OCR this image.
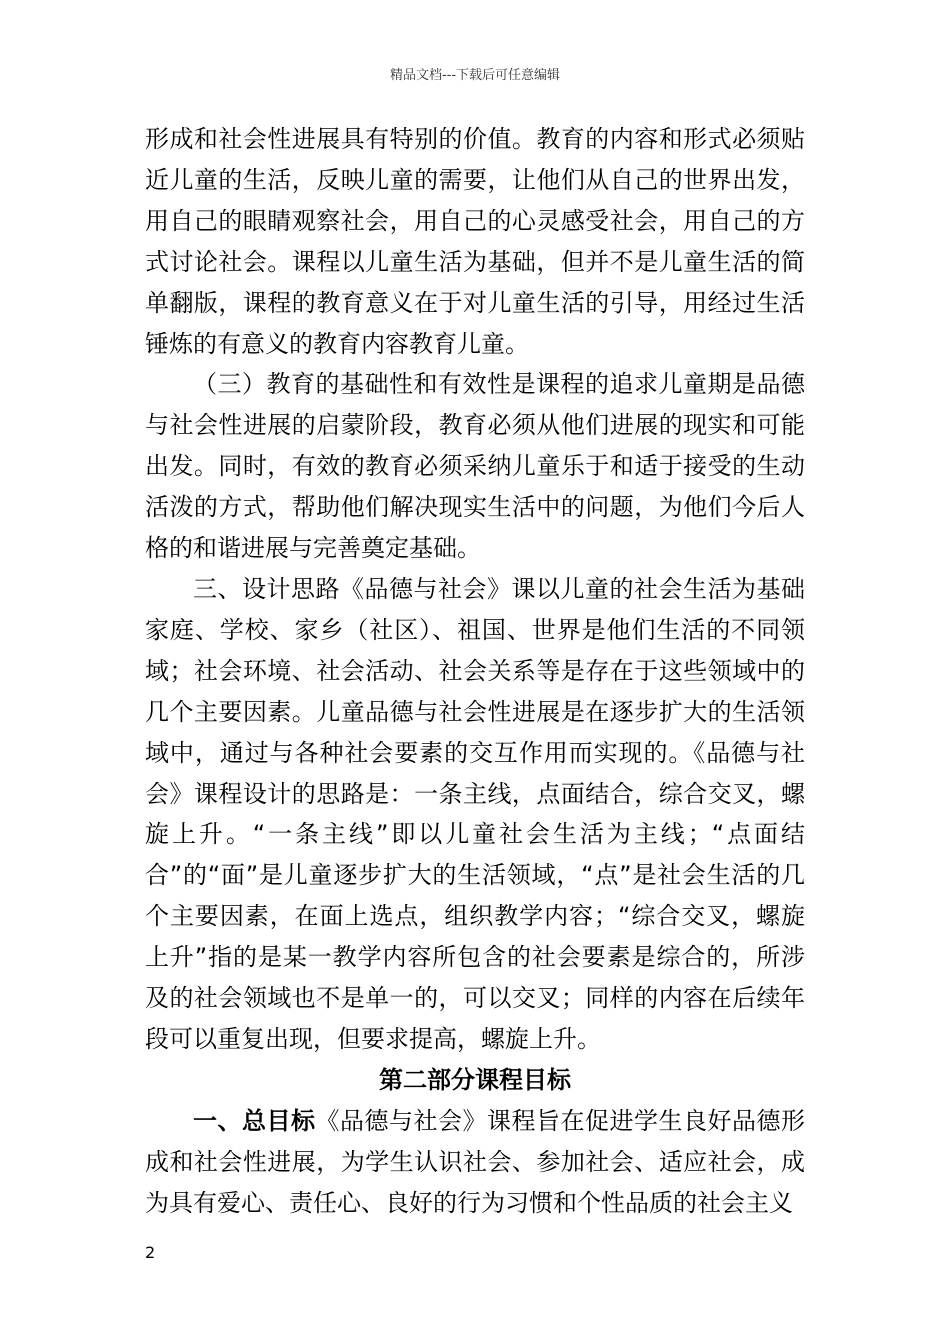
精品文档---下载后可任意编辑

形成和社会性进展具有特别的价值。教育的内容和形式必须贴近儿童的生活，反映儿童的需要，让他们从自己的世界出发，用自己的眼睛观察社会，用自己的心灵感受社会，用自己的方式讨论社会。课程以儿童生活为基础，但并不是儿童生活的简单翻版，课程的教育意义在于对儿童生活的引导，用经过生活锤炼的有意义的教育内容教育儿童。

（三）教育的基础性和有效性是课程的追求儿童期是品德与社会性进展的启蒙阶段，教育必须从他们进展的现实和可能出发。同时，有效的教育必须采纳儿童乐于和适于接受的生动活泼的方式，帮助他们解决现实生活中的问题，为他们今后人格的和谐进展与完善奠定基础。

三、设计思路《品德与社会》课以儿童的社会生活为基础家庭、学校、家乡（社区）、祖国、世界是他们生活的不同领域；社会环境、社会活动、社会关系等是存在于这些领域中的几个主要因素。儿童品德与社会性进展是在逐步扩大的生活领域中，通过与各种社会要素的交互作用而实现的。《品德与社会》课程设计的思路是：一条主线，点面结合，综合交叉，螺旋上升。“一条主线”即以儿童社会生活为主线；“点面结合”的“面”是儿童逐步扩大的生活领域，“点”是社会生活的几个主要因素，在面上选点，组织教学内容；“综合交叉，螺旋上升”指的是某一教学内容所包含的社会要素是综合的，所涉及的社会领域也不是单一的，可以交叉；同样的内容在后续年段可以重复出现，但要求提高，螺旋上升。

第二部分课程目标

一、总目标《品德与社会》课程旨在促进学生良好品德形成和社会性进展，为学生认识社会、参加社会、适应社会，成为具有爱心、责任心、良好的行为习惯和个性品质的社会主义

2
